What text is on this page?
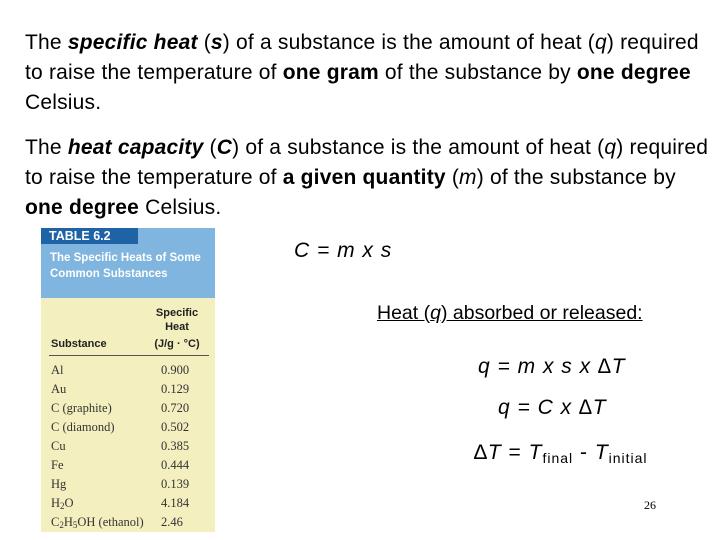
The specific heat (s) of a substance is the amount of heat (q) required to raise the temperature of one gram of the substance by one degree Celsius.
The heat capacity (C) of a substance is the amount of heat (q) required to raise the temperature of a given quantity (m) of the substance by one degree Celsius.
TABLE 6.2
The Specific Heats of Some Common Substances
Specific
Heat
Substance	(J/g · °C)
Al	0.900
Au	0.129
C (graphite)	0.720
C (diamond)	0.502
Cu	0.385
Fe	0.444
Hg	0.139
$H_2O$	4.184
$C_2H_5OH$ (ethanol) 2.46
C = m x s
Heat (q) absorbed or released:
q = m x s x ∆T
q = C x ∆T
$\Delta T = T_{final} - T_{initial}$
26
